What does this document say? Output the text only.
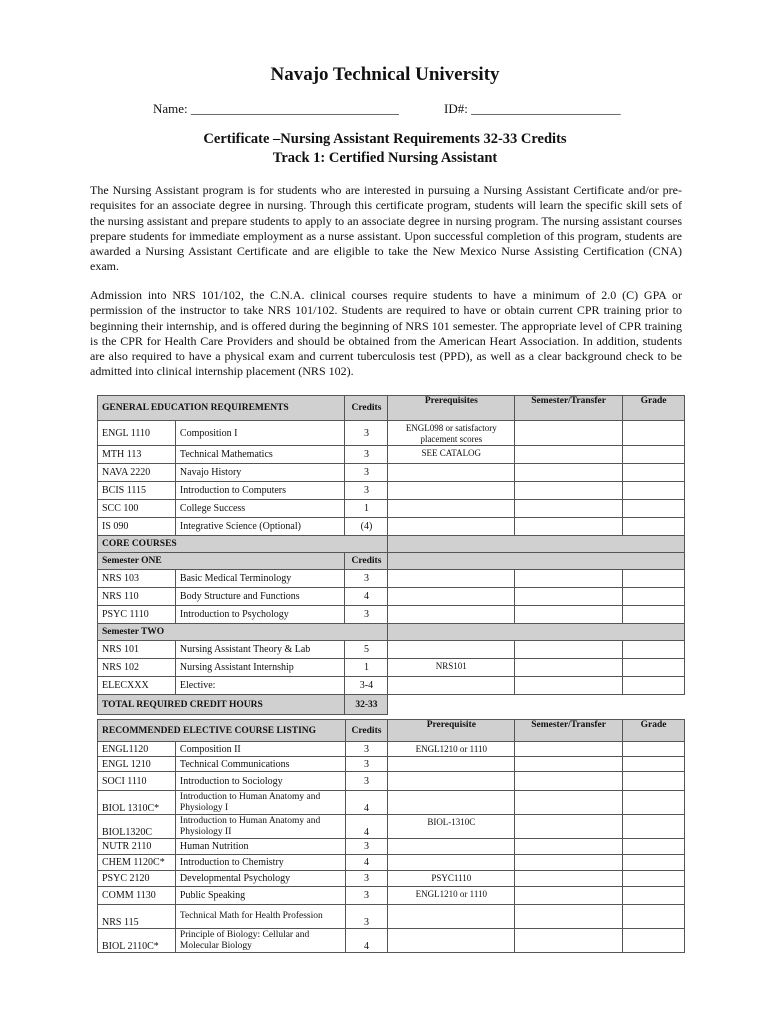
Navajo Technical University
Name: ________________________________	ID#: _______________________
Certificate –Nursing Assistant Requirements 32-33 Credits
Track 1: Certified Nursing Assistant
The Nursing Assistant program is for students who are interested in pursuing a Nursing Assistant Certificate and/or pre-requisites for an associate degree in nursing. Through this certificate program, students will learn the specific skill sets of the nursing assistant and prepare students to apply to an associate degree in nursing program. The nursing assistant courses prepare students for immediate employment as a nurse assistant. Upon successful completion of this program, students are awarded a Nursing Assistant Certificate and are eligible to take the New Mexico Nurse Assisting Certification (CNA) exam.
Admission into NRS 101/102, the C.N.A. clinical courses require students to have a minimum of 2.0 (C) GPA or permission of the instructor to take NRS 101/102. Students are required to have or obtain current CPR training prior to beginning their internship, and is offered during the beginning of NRS 101 semester. The appropriate level of CPR training is the CPR for Health Care Providers and should be obtained from the American Heart Association. In addition, students are also required to have a physical exam and current tuberculosis test (PPD), as well as a clear background check to be admitted into clinical internship placement (NRS 102).
GENERAL EDUCATION REQUIREMENTS		Credits	Prerequisites	Semester/Transfer	Grade
ENGL 1110	Composition I	3	ENGL098 or satisfactory placement scores		
MTH 113	Technical Mathematics	3	SEE CATALOG		
NAVA 2220	Navajo History	3			
BCIS 1115	Introduction to Computers	3			
SCC 100	College Success	1			
IS 090	Integrative Science (Optional)	(4)			
CORE COURSES					
Semester ONE		Credits			
NRS 103	Basic Medical Terminology	3			
NRS 110	Body Structure and Functions	4			
PSYC 1110	Introduction to Psychology	3			
Semester TWO					
NRS 101	Nursing Assistant Theory & Lab	5			
NRS 102	Nursing Assistant Internship	1	NRS101		
ELECXXX	Elective:	3-4			
TOTAL REQUIRED CREDIT HOURS		32-33			
RECOMMENDED ELECTIVE COURSE LISTING		Credits	Prerequisite	Semester/Transfer	Grade
ENGL1120	Composition II	3	ENGL1210 or 1110		
ENGL 1210	Technical Communications	3			
SOCI 1110	Introduction to Sociology	3			
BIOL 1310C*	Introduction to Human Anatomy and Physiology I	4			
BIOL1320C	Introduction to Human Anatomy and Physiology II	4	BIOL-1310C		
NUTR 2110	Human Nutrition	3			
CHEM 1120C*	Introduction to Chemistry	4			
PSYC 2120	Developmental Psychology	3	PSYC1110		
COMM 1130	Public Speaking	3	ENGL1210 or 1110		
NRS 115	Technical Math for Health Profession	3			
BIOL 2110C*	Principle of Biology: Cellular and Molecular Biology	4			
